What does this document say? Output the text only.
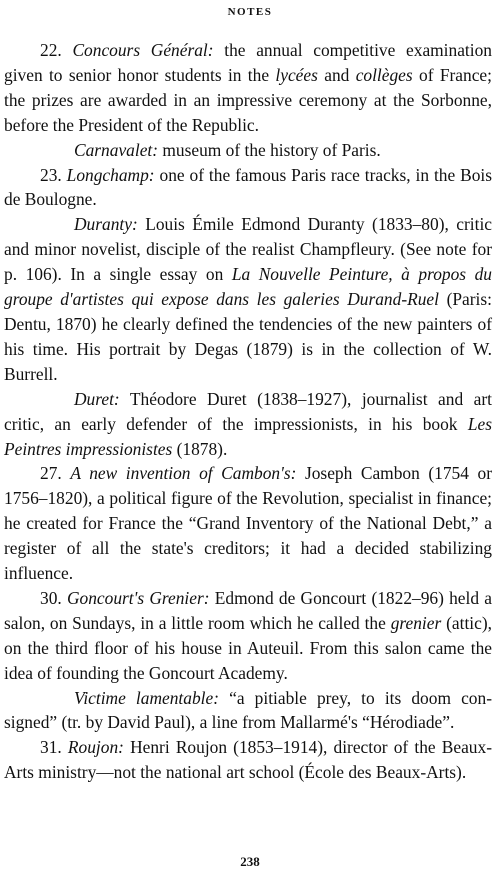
NOTES

22. Concours Général: the annual competitive examination given to senior honor students in the lycées and collèges of France; the prizes are awarded in an impressive ceremony at the Sorbonne, before the President of the Republic.

Carnavalet: museum of the history of Paris.

23. Longchamp: one of the famous Paris race tracks, in the Bois de Boulogne.

Duranty: Louis Émile Edmond Duranty (1833–80), critic and minor novelist, disciple of the realist Champfleury. (See note for p. 106). In a single essay on La Nouvelle Peinture, à propos du groupe d'artistes qui expose dans les galeries Durand-Ruel (Paris: Dentu, 1870) he clearly defined the tendencies of the new painters of his time. His portrait by Degas (1879) is in the collection of W. Burrell.

Duret: Théodore Duret (1838–1927), journalist and art critic, an early defender of the impressionists, in his book Les Peintres impressionistes (1878).

27. A new invention of Cambon's: Joseph Cambon (1754 or 1756–1820), a political figure of the Revolution, specialist in finance; he created for France the “Grand Inventory of the National Debt,” a register of all the state's creditors; it had a decided stabilizing influence.

30. Goncourt's Grenier: Edmond de Goncourt (1822–96) held a salon, on Sundays, in a little room which he called the grenier (attic), on the third floor of his house in Auteuil. From this salon came the idea of founding the Goncourt Academy.

Victime lamentable: “a pitiable prey, to its doom consigned” (tr. by David Paul), a line from Mallarmé's “Hérodiade”.

31. Roujon: Henri Roujon (1853–1914), director of the Beaux-Arts ministry—not the national art school (École des Beaux-Arts).

238
